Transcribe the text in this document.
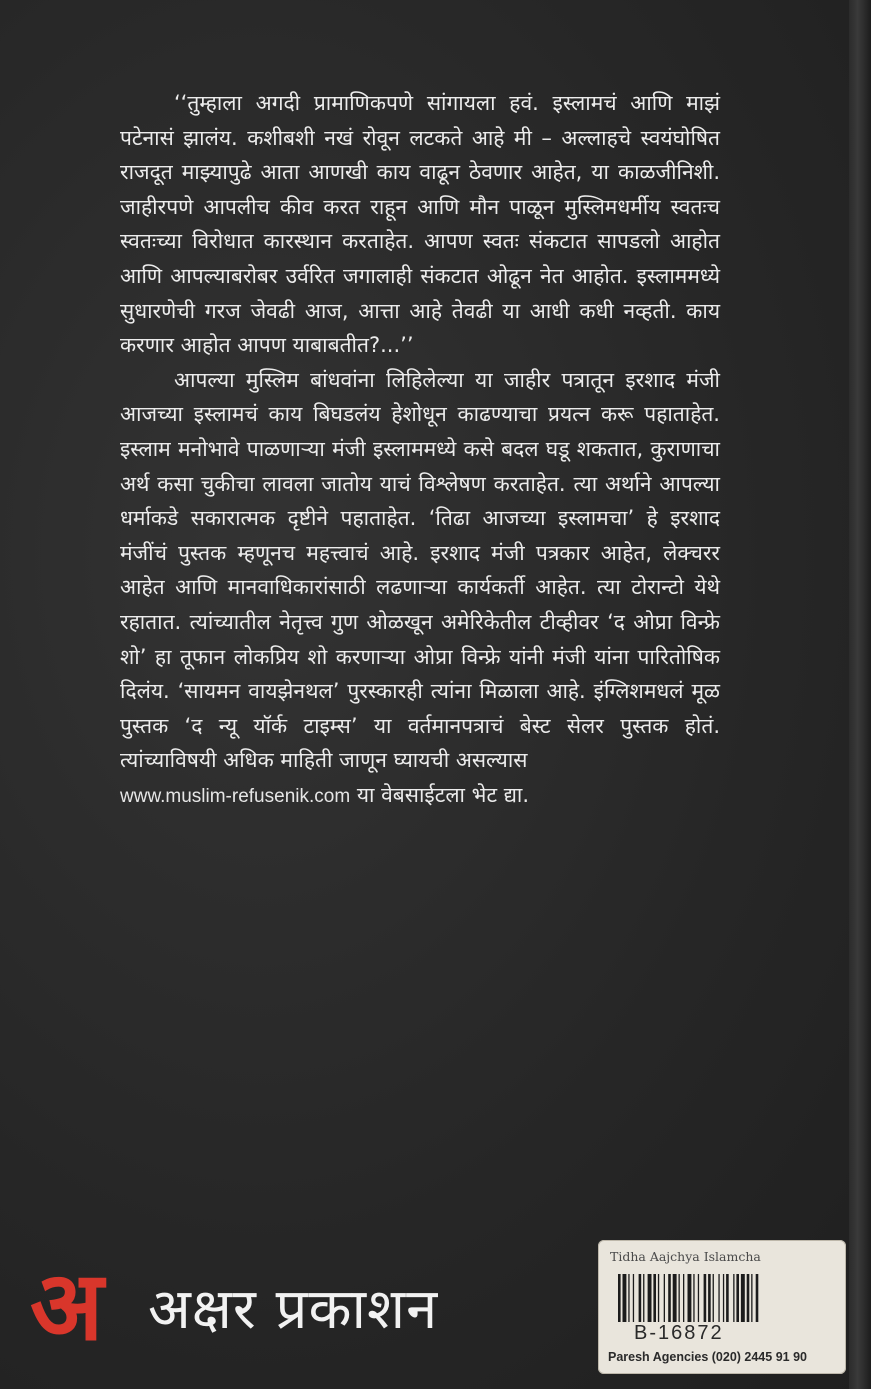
‘‘तुम्हाला अगदी प्रामाणिकपणे सांगायला हवं. इस्लामचं आणि माझं पटेनासं झालंय. कशीबशी नखं रोवून लटकते आहे मी – अल्लाहचे स्वयंघोषित राजदूत माझ्यापुढे आता आणखी काय वाढून ठेवणार आहेत, या काळजीनिशी. जाहीरपणे आपलीच कीव करत राहून आणि मौन पाळून मुस्लिमधर्मीय स्वतःच स्वतःच्या विरोधात कारस्थान करताहेत. आपण स्वतः संकटात सापडलो आहोत आणि आपल्याबरोबर उर्वरित जगालाही संकटात ओढून नेत आहोत. इस्लाममध्ये सुधारणेची गरज जेवढी आज, आत्ता आहे तेवढी या आधी कधी नव्हती. काय करणार आहोत आपण याबाबतीत?...’’

आपल्या मुस्लिम बांधवांना लिहिलेल्या या जाहीर पत्रातून इरशाद मंजी आजच्या इस्लामचं काय बिघडलंय हेशोधून काढण्याचा प्रयत्न करू पहाताहेत. इस्लाम मनोभावे पाळणाऱ्या मंजी इस्लाममध्ये कसे बदल घडू शकतात, कुराणाचा अर्थ कसा चुकीचा लावला जातोय याचं विश्लेषण करताहेत. त्या अर्थाने आपल्या धर्माकडे सकारात्मक दृष्टीने पहाताहेत. ‘तिढा आजच्या इस्लामचा’ हे इरशाद मंजींचं पुस्तक म्हणूनच महत्त्वाचं आहे. इरशाद मंजी पत्रकार आहेत, लेक्चरर आहेत आणि मानवाधिकारांसाठी लढणाऱ्या कार्यकर्ती आहेत. त्या टोरान्टो येथे रहातात. त्यांच्यातील नेतृत्त्व गुण ओळखून अमेरिकेतील टीव्हीवर ‘द ओप्रा विन्फ्रे शो’ हा तूफान लोकप्रिय शो करणाऱ्या ओप्रा विन्फ्रे यांनी मंजी यांना पारितोषिक दिलंय. ‘सायमन वायझेनथल’ पुरस्कारही त्यांना मिळाला आहे. इंग्लिशमधलं मूळ पुस्तक ‘द न्यू यॉर्क टाइम्स’ या वर्तमानपत्राचं बेस्ट सेलर पुस्तक होतं. त्यांच्याविषयी अधिक माहिती जाणून घ्यायची असल्यास

www.muslim-refusenik.com या वेबसाईटला भेट द्या.

अ अक्षर प्रकाशन
Tidha Aajchya Islamcha
B-16872
Paresh Agencies (020) 2445 91 90
